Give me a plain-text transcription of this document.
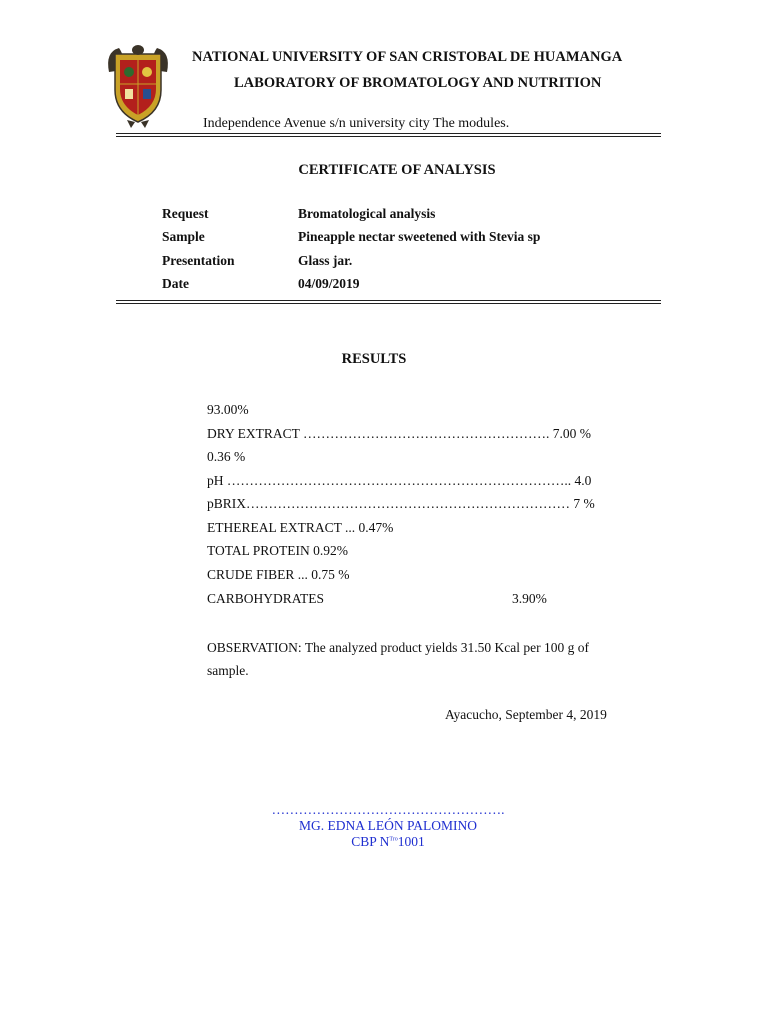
NATIONAL UNIVERSITY OF SAN CRISTOBAL DE HUAMANGA
LABORATORY OF BROMATOLOGY AND NUTRITION
Independence Avenue s/n university city The modules.
CERTIFICATE OF ANALYSIS
Request	Bromatological analysis
Sample	Pineapple nectar sweetened with Stevia sp
Presentation	Glass jar.
Date	04/09/2019
RESULTS
93.00%
DRY EXTRACT ………………………………………………. 7.00 %
0.36 %
pH ………………………………………………………………….. 4.0
pBRIX……………………………………………………………… 7 %
ETHEREAL EXTRACT ... 0.47%
TOTAL PROTEIN 0.92%
CRUDE FIBER ... 0.75 %
CARBOHYDRATES	3.90%
OBSERVATION: The analyzed product yields 31.50 Kcal per 100 g of sample.
Ayacucho, September 4, 2019
…………………………………………….
MG. EDNA LEÓN PALOMINO
CBP $N^{Tro}1001$
